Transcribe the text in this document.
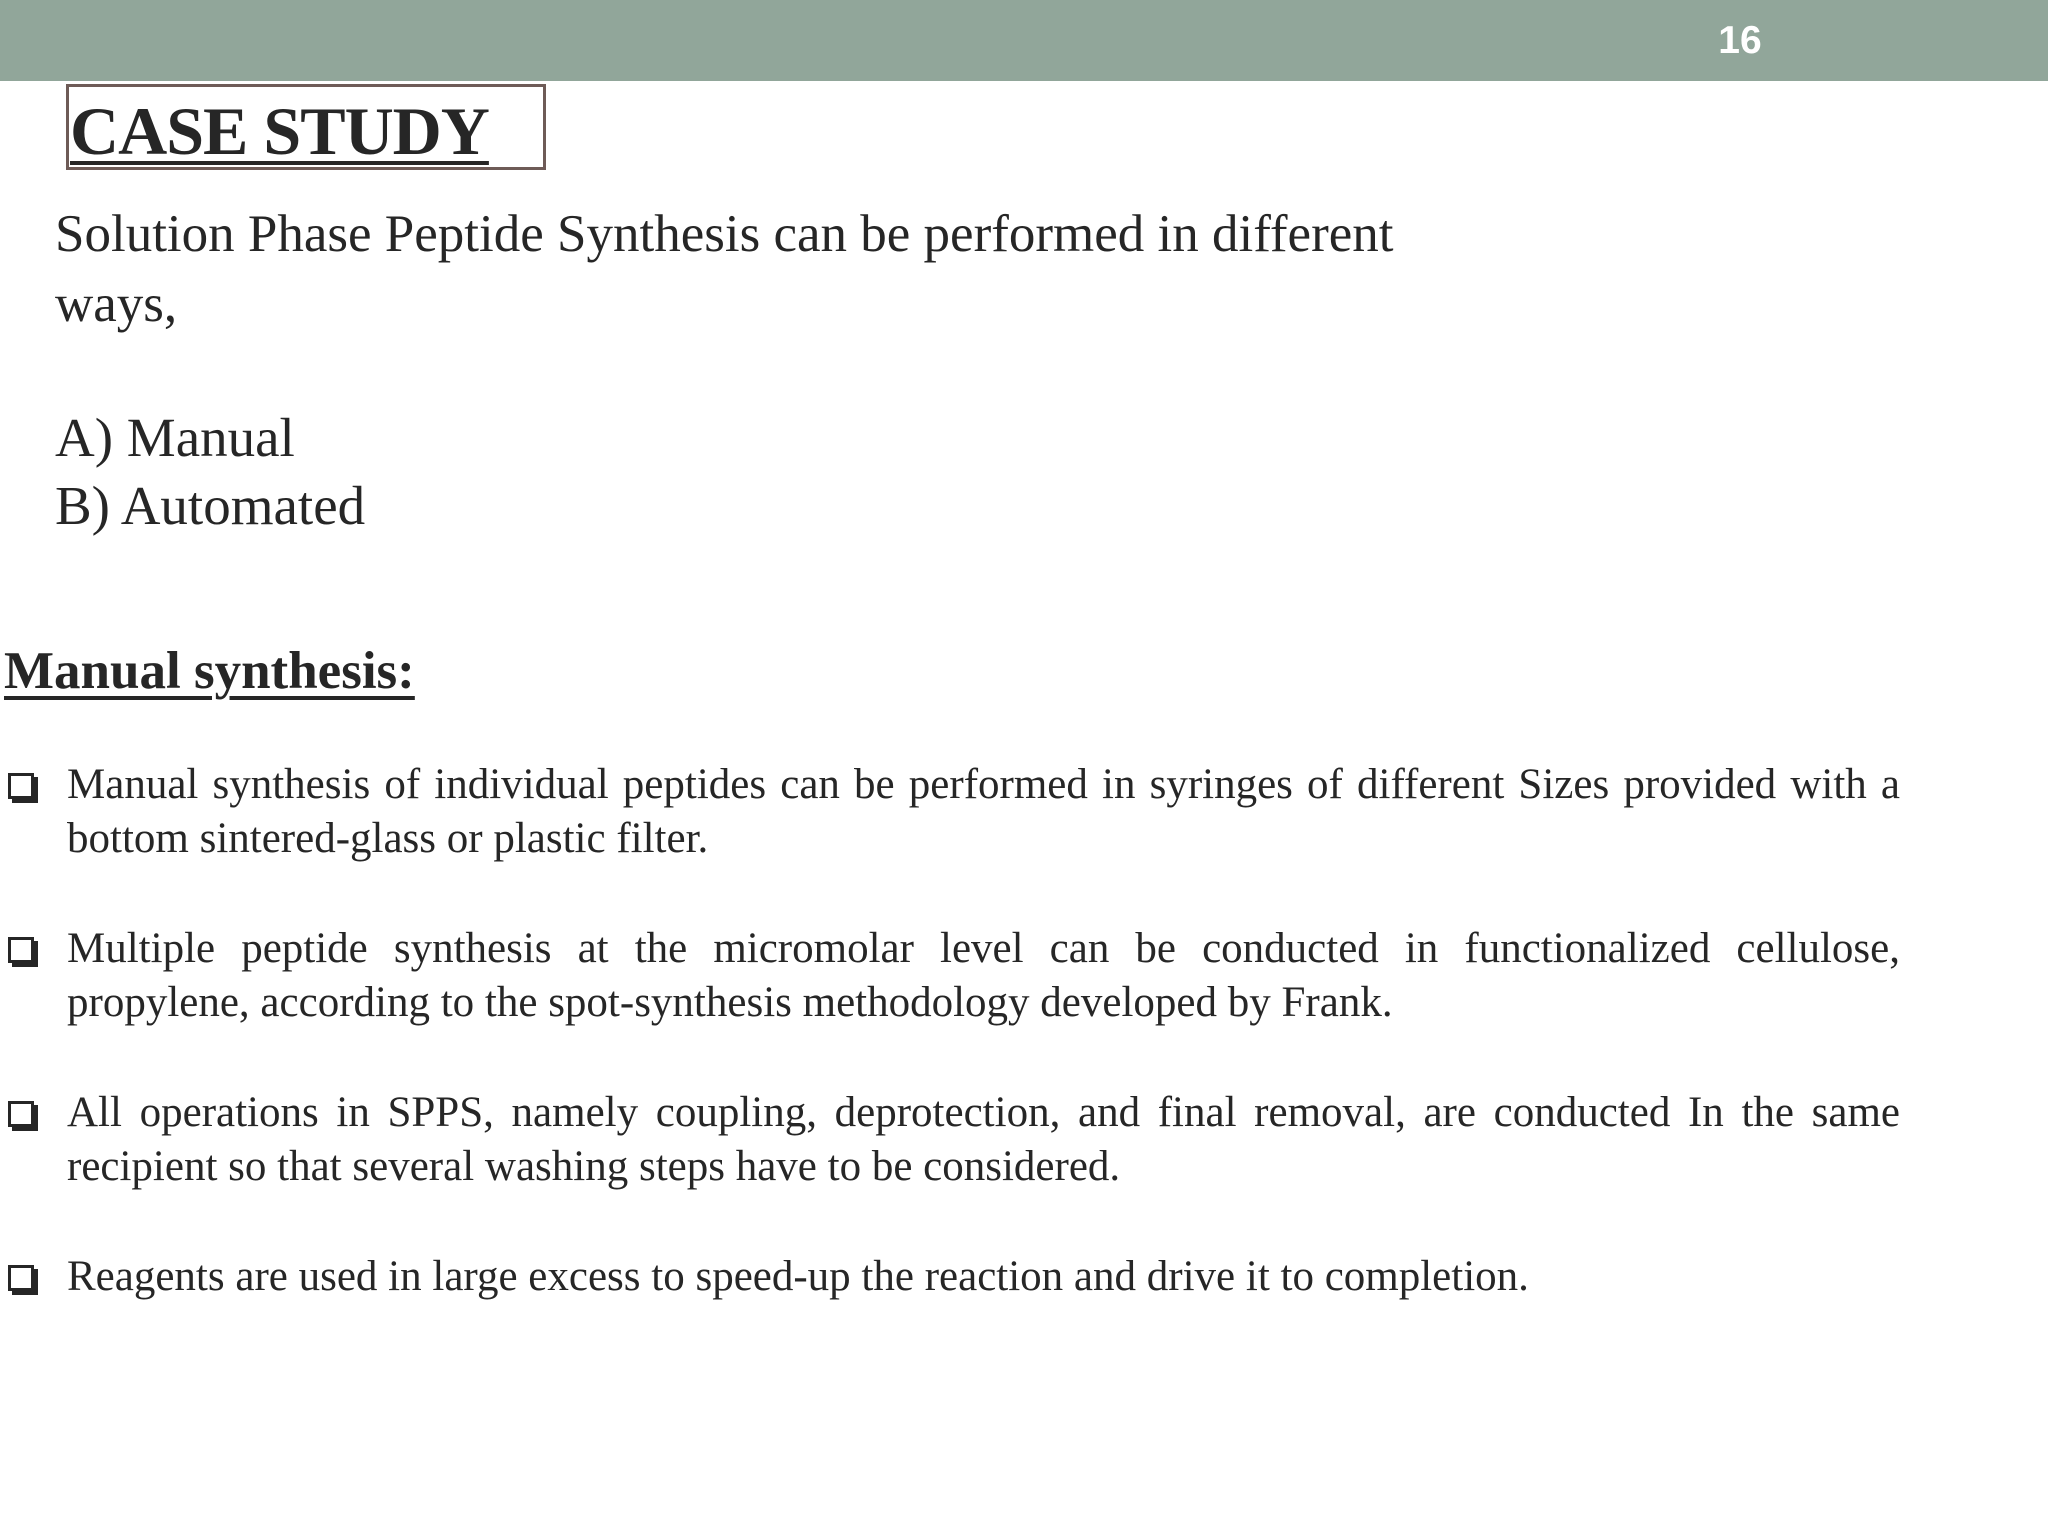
16
CASE STUDY

Solution Phase Peptide Synthesis can be performed in different ways,

A) Manual
B) Automated
Manual synthesis:
Manual synthesis of individual peptides can be performed in syringes of different Sizes provided with a bottom sintered-glass or plastic filter.
Multiple peptide synthesis at the micromolar level can be conducted in functionalized cellulose, propylene, according to the spot-synthesis methodology developed by Frank.
All operations in SPPS, namely coupling, deprotection, and final removal, are conducted In the same recipient so that several washing steps have to be considered.
Reagents are used in large excess to speed-up the reaction and drive it to completion.
